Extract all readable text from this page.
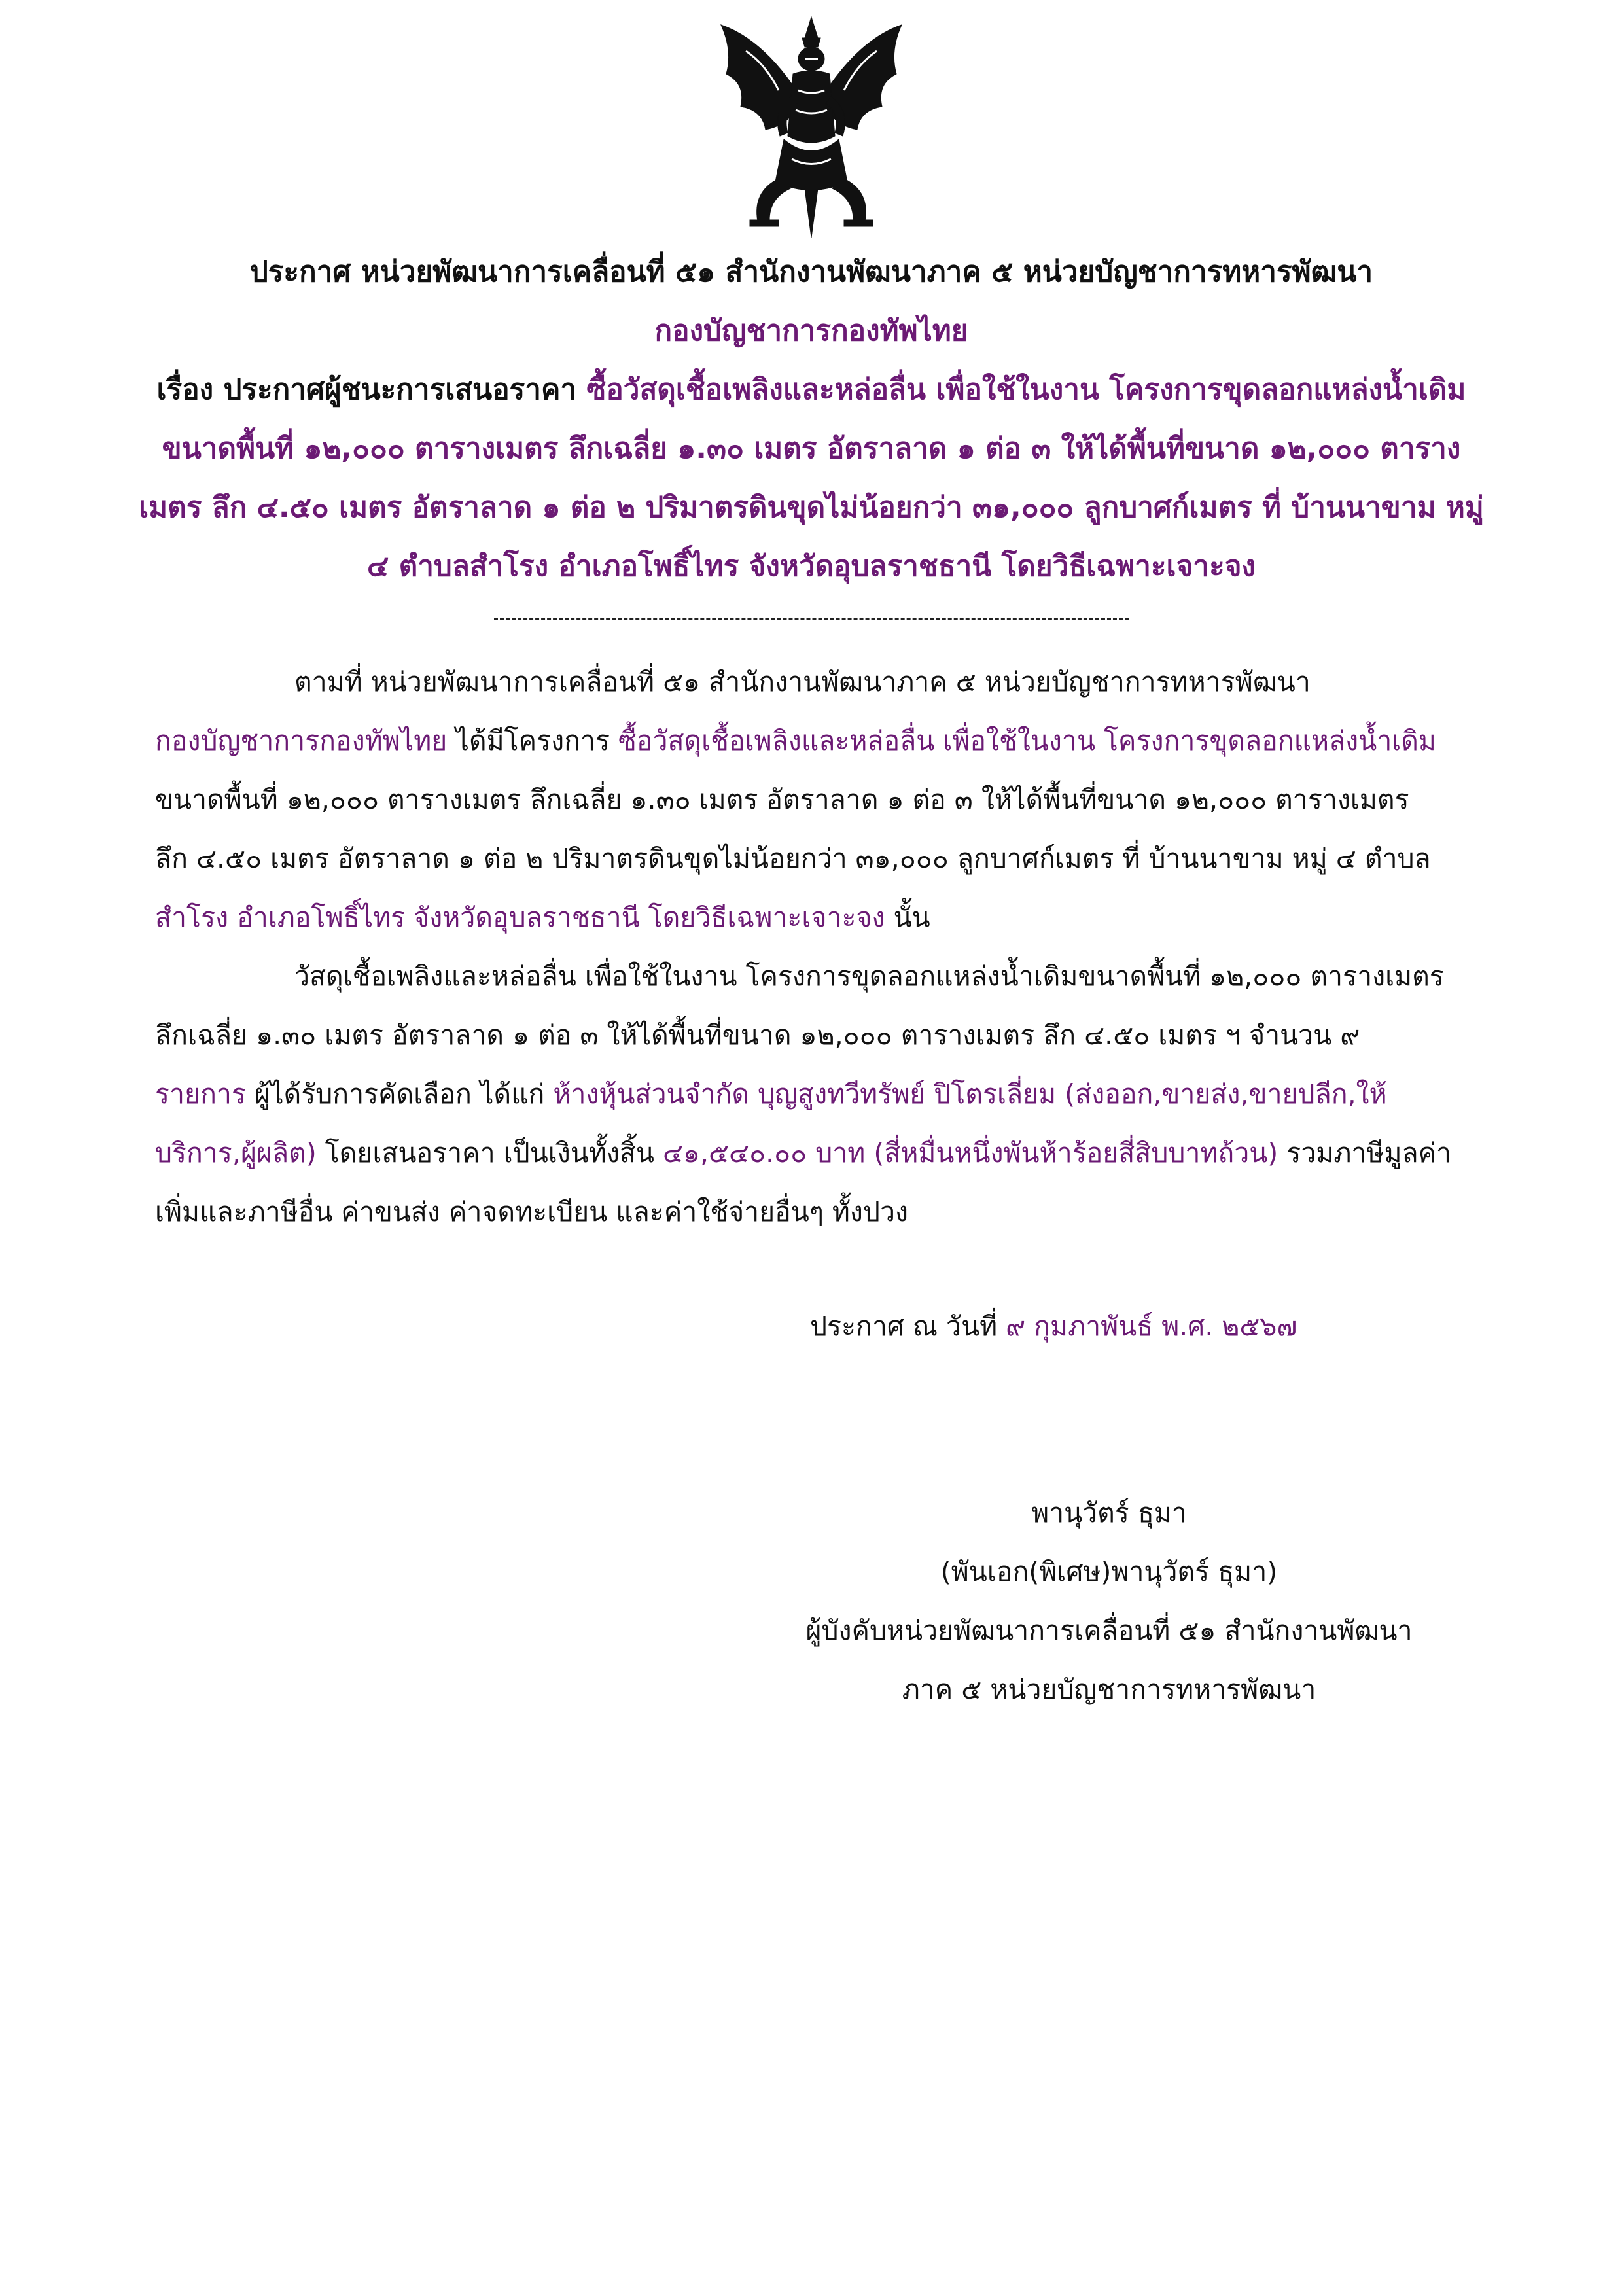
ประกาศ หน่วยพัฒนาการเคลื่อนที่ ๕๑ สำนักงานพัฒนาภาค ๕ หน่วยบัญชาการทหารพัฒนา
กองบัญชาการกองทัพไทย
เรื่อง ประกาศผู้ชนะการเสนอราคา ซื้อวัสดุเชื้อเพลิงและหล่อลื่น เพื่อใช้ในงาน โครงการขุดลอกแหล่งน้ำเดิม
ขนาดพื้นที่ ๑๒,๐๐๐ ตารางเมตร ลึกเฉลี่ย ๑.๓๐ เมตร อัตราลาด ๑ ต่อ ๓ ให้ได้พื้นที่ขนาด ๑๒,๐๐๐ ตาราง
เมตร ลึก ๔.๕๐ เมตร อัตราลาด ๑ ต่อ ๒ ปริมาตรดินขุดไม่น้อยกว่า ๓๑,๐๐๐ ลูกบาศก์เมตร ที่ บ้านนาขาม หมู่
๔ ตำบลสำโรง อำเภอโพธิ์ไทร จังหวัดอุบลราชธานี โดยวิธีเฉพาะเจาะจง
ตามที่ หน่วยพัฒนาการเคลื่อนที่ ๕๑ สำนักงานพัฒนาภาค ๕ หน่วยบัญชาการทหารพัฒนา
กองบัญชาการกองทัพไทย ได้มีโครงการ ซื้อวัสดุเชื้อเพลิงและหล่อลื่น เพื่อใช้ในงาน โครงการขุดลอกแหล่งน้ำเดิม
ขนาดพื้นที่ ๑๒,๐๐๐ ตารางเมตร ลึกเฉลี่ย ๑.๓๐ เมตร อัตราลาด ๑ ต่อ ๓ ให้ได้พื้นที่ขนาด ๑๒,๐๐๐ ตารางเมตร
ลึก ๔.๕๐ เมตร อัตราลาด ๑ ต่อ ๒ ปริมาตรดินขุดไม่น้อยกว่า ๓๑,๐๐๐ ลูกบาศก์เมตร ที่ บ้านนาขาม หมู่ ๔ ตำบล
สำโรง อำเภอโพธิ์ไทร จังหวัดอุบลราชธานี โดยวิธีเฉพาะเจาะจง นั้น
วัสดุเชื้อเพลิงและหล่อลื่น เพื่อใช้ในงาน โครงการขุดลอกแหล่งน้ำเดิมขนาดพื้นที่ ๑๒,๐๐๐ ตารางเมตร
ลึกเฉลี่ย ๑.๓๐ เมตร อัตราลาด ๑ ต่อ ๓ ให้ได้พื้นที่ขนาด ๑๒,๐๐๐ ตารางเมตร ลึก ๔.๕๐ เมตร ฯ จำนวน ๙
รายการ ผู้ได้รับการคัดเลือก ได้แก่ ห้างหุ้นส่วนจำกัด บุญสูงทวีทรัพย์ ปิโตรเลี่ยม (ส่งออก,ขายส่ง,ขายปลีก,ให้
บริการ,ผู้ผลิต) โดยเสนอราคา เป็นเงินทั้งสิ้น ๔๑,๕๔๐.๐๐ บาท (สี่หมื่นหนึ่งพันห้าร้อยสี่สิบบาทถ้วน) รวมภาษีมูลค่า
เพิ่มและภาษีอื่น ค่าขนส่ง ค่าจดทะเบียน และค่าใช้จ่ายอื่นๆ ทั้งปวง
ประกาศ ณ วันที่ ๙ กุมภาพันธ์ พ.ศ. ๒๕๖๗
พานุวัตร์ ธุมา
(พันเอก(พิเศษ)พานุวัตร์ ธุมา)
ผู้บังคับหน่วยพัฒนาการเคลื่อนที่ ๕๑ สำนักงานพัฒนา
ภาค ๕ หน่วยบัญชาการทหารพัฒนา
